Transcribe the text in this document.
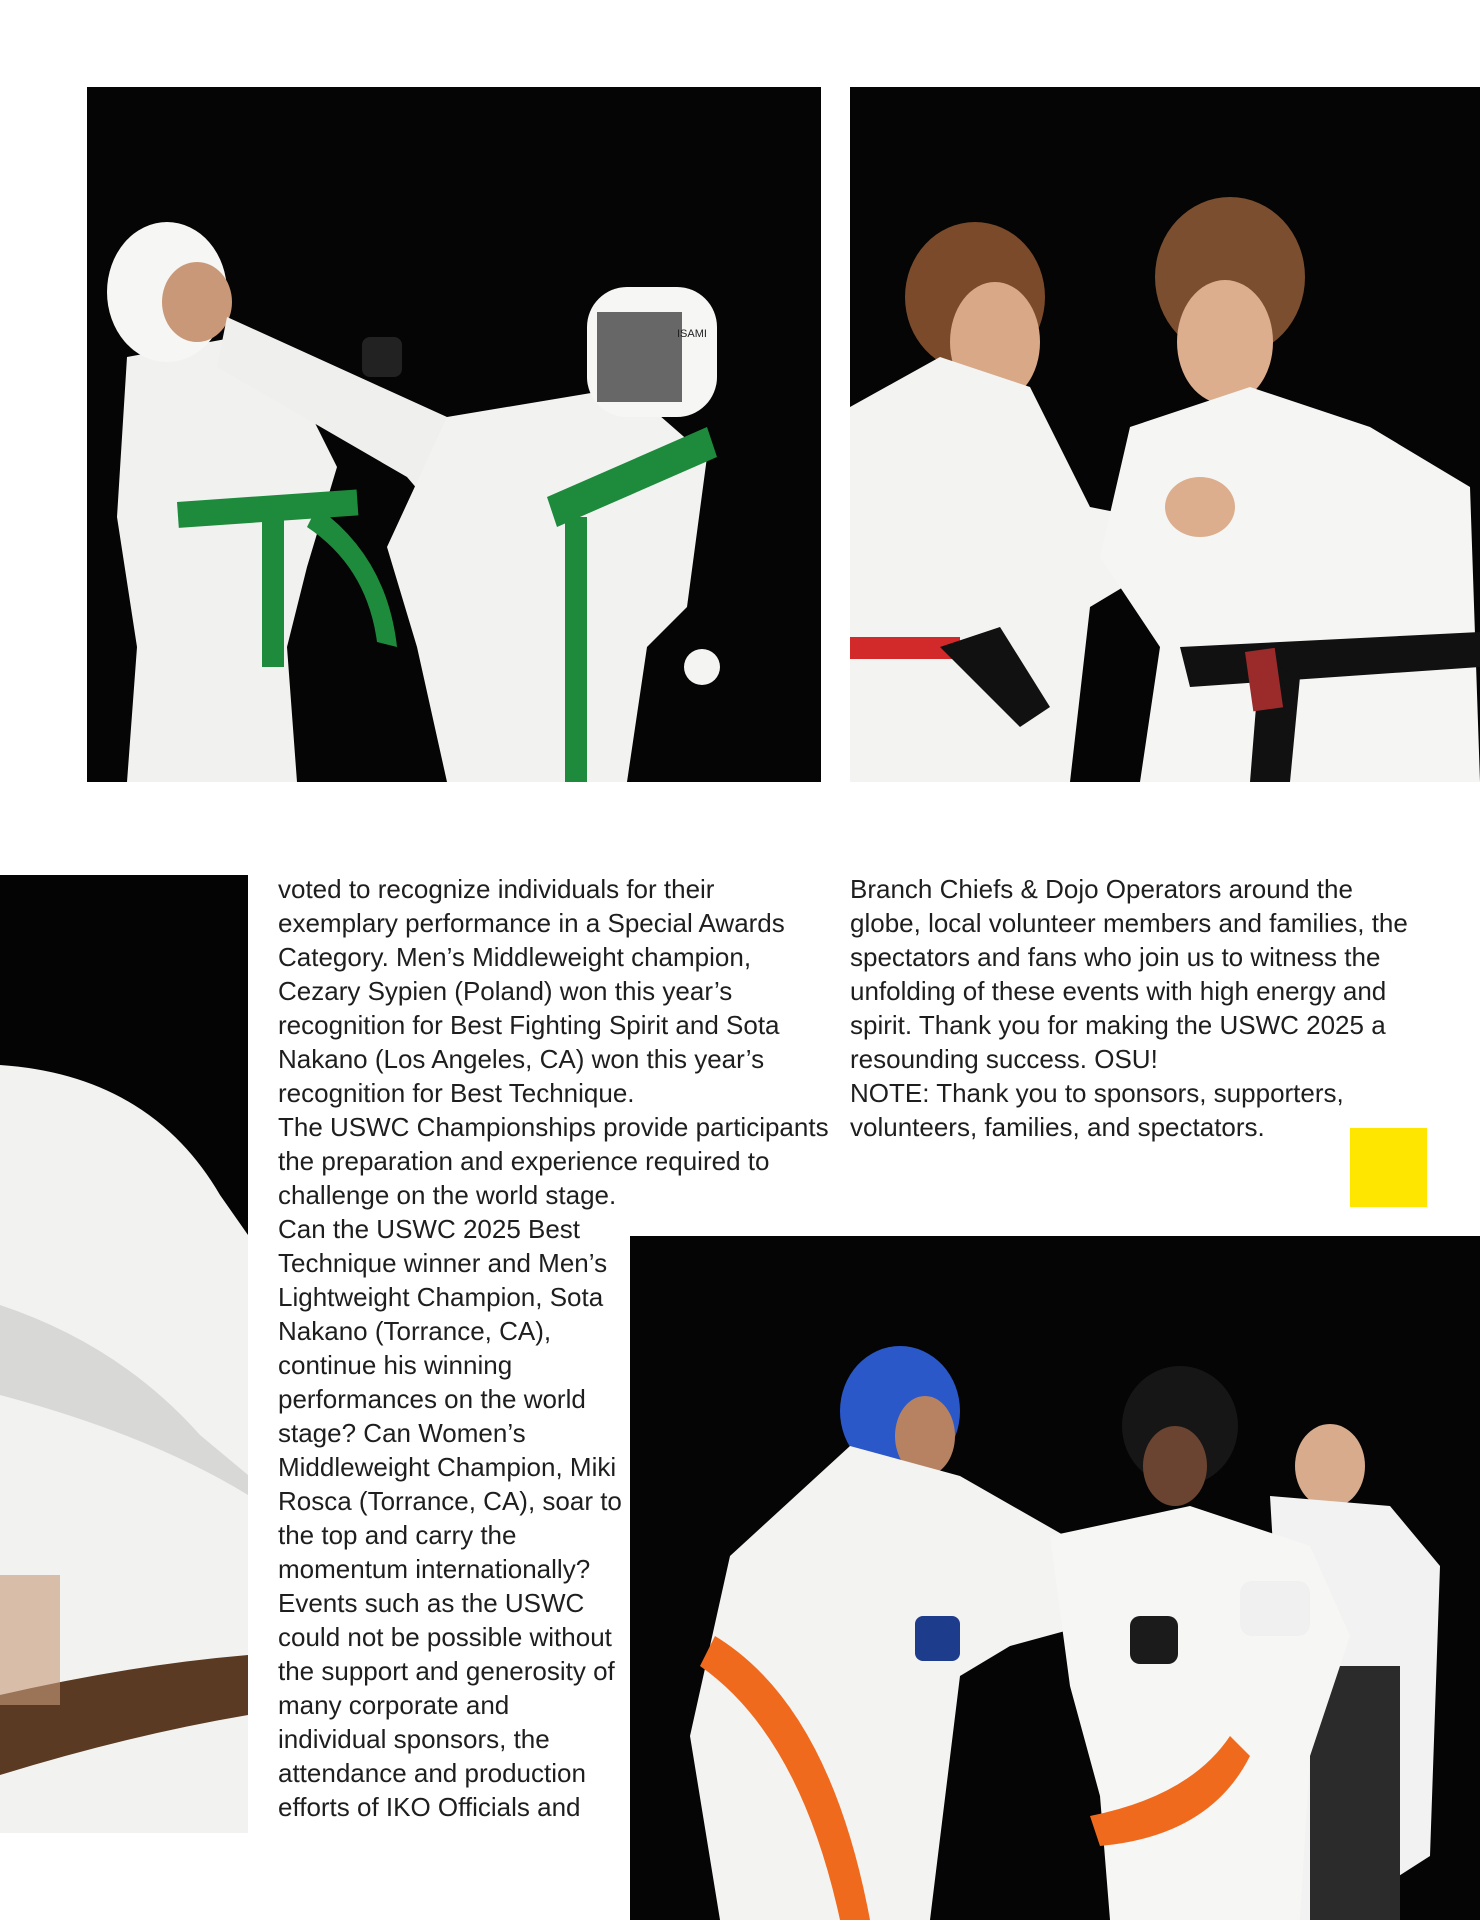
ISAMI

voted to recognize individuals for their exemplary performance in a Special Awards Category. Men’s Middleweight champion, Cezary Sypien (Poland) won this year’s recognition for Best Fighting Spirit and Sota Nakano (Los Angeles, CA) won this year’s recognition for Best Technique.

The USWC Championships provide participants the preparation and experience required to challenge on the world stage.

Can the USWC 2025 Best Technique winner and Men’s Lightweight Champion, Sota Nakano (Torrance, CA), continue his winning performances on the world stage? Can Women’s Middleweight Champion, Miki Rosca (Torrance, CA), soar to the top and carry the momentum internationally?

Events such as the USWC could not be possible without the support and generosity of many corporate and individual sponsors, the attendance and production efforts of IKO Officials and

Branch Chiefs & Dojo Operators around the globe, local volunteer members and families, the spectators and fans who join us to witness the unfolding of these events with high energy and spirit. Thank you for making the USWC 2025 a resounding success. OSU!

NOTE: Thank you to sponsors, supporters, volunteers, families, and spectators.
